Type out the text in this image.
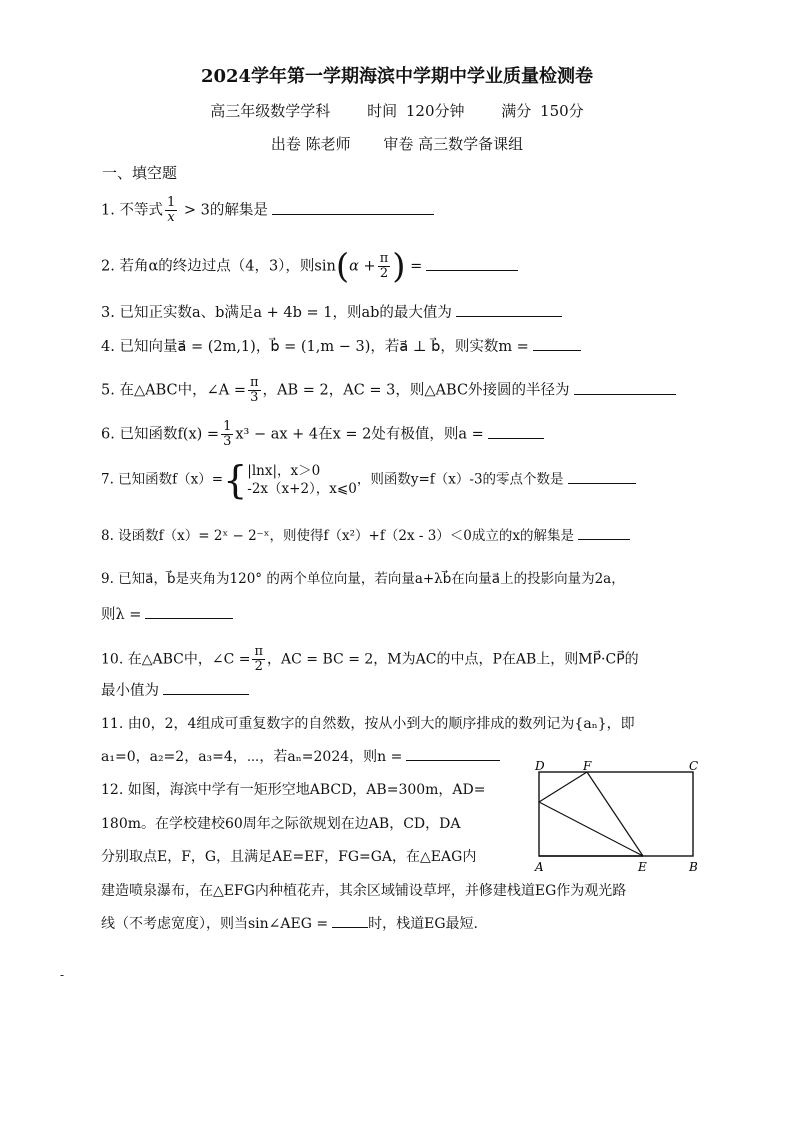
2024学年第一学期海滨中学期中学业质量检测卷
高三年级数学学科 时间 120分钟 满分 150分
出卷 陈老师 审卷 高三数学备课组
一、填空题
1. 不等式 $\frac{1}{x} > 3$的解集是
2. 若角α的终边过点（4，3），则$\sin(\alpha + \frac{\pi}{2}$ ) =
3. 已知正实数a、b满足a + 4b = 1，则ab的最大值为
4. 已知向量a⃗ = (2m,1)，b⃗ = (1,m − 3)，若a⃗ ⊥ b⃗，则实数m =
5. 在△ABC中，∠A = $\frac{\pi}{3}$ ，AB = 2，AC = 3，则△ABC外接圆的半径为
6. 已知函数$f(x) = \frac{1}{3} x^3$ − ax + 4在x = 2处有极值，则a =
7. 已知函数f（x）={ |lnx|，x＞0
-2x（x+2），x⩽0
，则函数y=f（x）-3的零点个数是
8. 设函数f（x）= 2ˣ − 2⁻ˣ，则使得f（x²）+f（2x - 3）＜0成立的x的解集是
9. 已知a⃗，b⃗是夹角为120° 的两个单位向量，若向量a+λb⃗在向量a⃗上的投影向量为2a，
则λ =
10. 在△ABC中，∠C = $\frac{\pi}{2}$ ，AC = BC = 2，M为AC的中点，P在AB上，则MP⃗·CP⃗的
最小值为
11. 由0，2，4组成可重复数字的自然数，按从小到大的顺序排成的数列记为{aₙ}，即
a₁=0，a₂=2，a₃=4，⋯，若aₙ=2024，则n =
12. 如图，海滨中学有一矩形空地ABCD，AB=300m，AD=
180m。在学校建校60周年之际欲规划在边AB，CD，DA
分别取点E，F，G，且满足AE=EF，FG=GA，在△EAG内
建造喷泉瀑布，在△EFG内种植花卉，其余区域铺设草坪，并修建栈道EG作为观光路
线（不考虑宽度），则当sin∠AEG =	时，栈道EG最短.
D	F	C
A	E	B
-
